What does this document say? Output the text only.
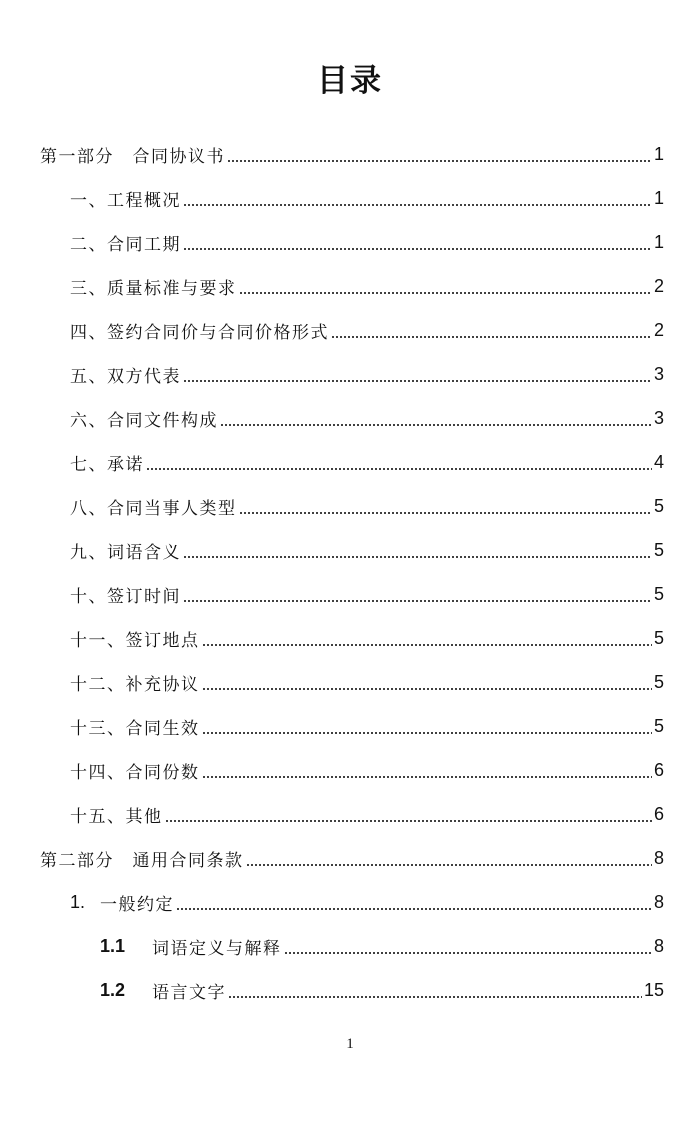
目录
第一部分　合同协议书	1
一、工程概况	1
二、合同工期	1
三、质量标准与要求	2
四、签约合同价与合同价格形式	2
五、双方代表	3
六、合同文件构成	3
七、承诺	4
八、合同当事人类型	5
九、词语含义	5
十、签订时间	5
十一、签订地点	5
十二、补充协议	5
十三、合同生效	5
十四、合同份数	6
十五、其他	6
第二部分　通用合同条款	8
1. 一般约定	8
1.1	词语定义与解释	8
1.2	语言文字	15
1
